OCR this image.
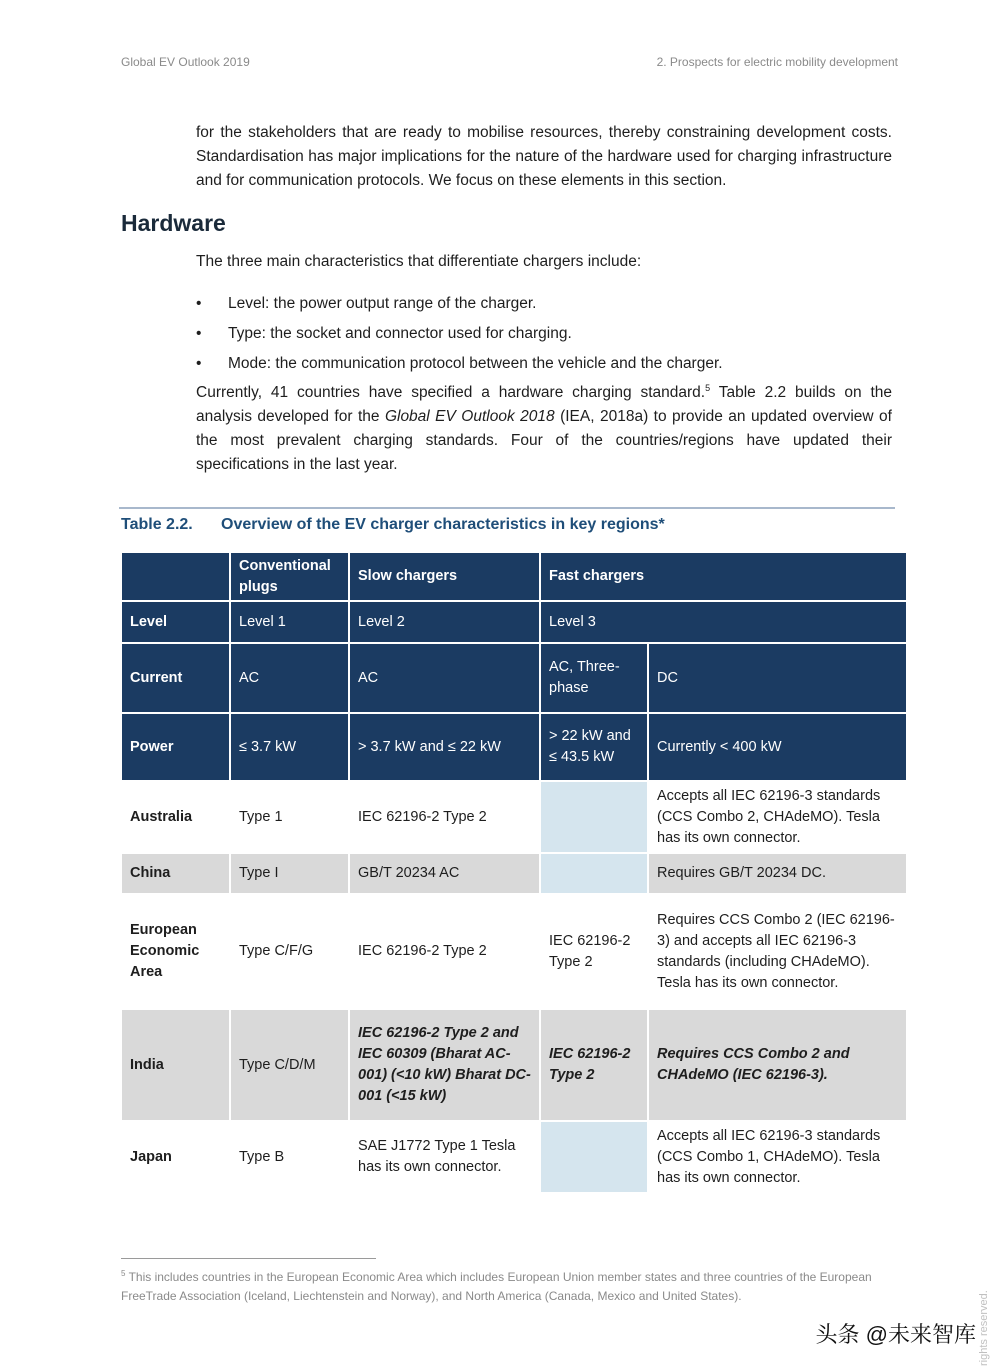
Global EV Outlook 2019	2. Prospects for electric mobility development

for the stakeholders that are ready to mobilise resources, thereby constraining development costs. Standardisation has major implications for the nature of the hardware used for charging infrastructure and for communication protocols. We focus on these elements in this section.

Hardware

The three main characteristics that differentiate chargers include:

• Level: the power output range of the charger.
• Type: the socket and connector used for charging.
• Mode: the communication protocol between the vehicle and the charger.

Currently, 41 countries have specified a hardware charging standard.$^5$ Table 2.2 builds on the analysis developed for the Global EV Outlook 2018 (IEA, 2018a) to provide an updated overview of the most prevalent charging standards. Four of the countries/regions have updated their specifications in the last year.

Table 2.2. Overview of the EV charger characteristics in key regions*
	Conventional plugs	Slow chargers	Fast chargers	
Level	Level 1	Level 2	Level 3	
Current	AC	AC	AC, Three-phase	DC
Power	≤ 3.7 kW	> 3.7 kW and ≤ 22 kW	> 22 kW and ≤ 43.5 kW	Currently < 400 kW
Australia	Type 1	IEC 62196-2 Type 2		Accepts all IEC 62196-3 standards (CCS Combo 2, CHAdeMO). Tesla has its own connector.
China	Type I	GB/T 20234 AC		Requires GB/T 20234 DC.
European Economic Area	Type C/F/G	IEC 62196-2 Type 2	IEC 62196-2 Type 2	Requires CCS Combo 2 (IEC 62196-3) and accepts all IEC 62196-3 standards (including CHAdeMO). Tesla has its own connector.
India	Type C/D/M	IEC 62196-2 Type 2 and IEC 60309 (Bharat AC-001) (<10 kW) Bharat DC-001 (<15 kW)	IEC 62196-2 Type 2	Requires CCS Combo 2 and CHAdeMO (IEC 62196-3).
Japan	Type B	SAE J1772 Type 1 Tesla has its own connector.		Accepts all IEC 62196-3 standards (CCS Combo 1, CHAdeMO). Tesla has its own connector.
$^5$ This includes countries in the European Economic Area which includes European Union member states and three countries of the European FreeTrade Association (Iceland, Liechtenstein and Norway), and North America (Canada, Mexico and United States).	rights reserved.
头条 @未来智库
